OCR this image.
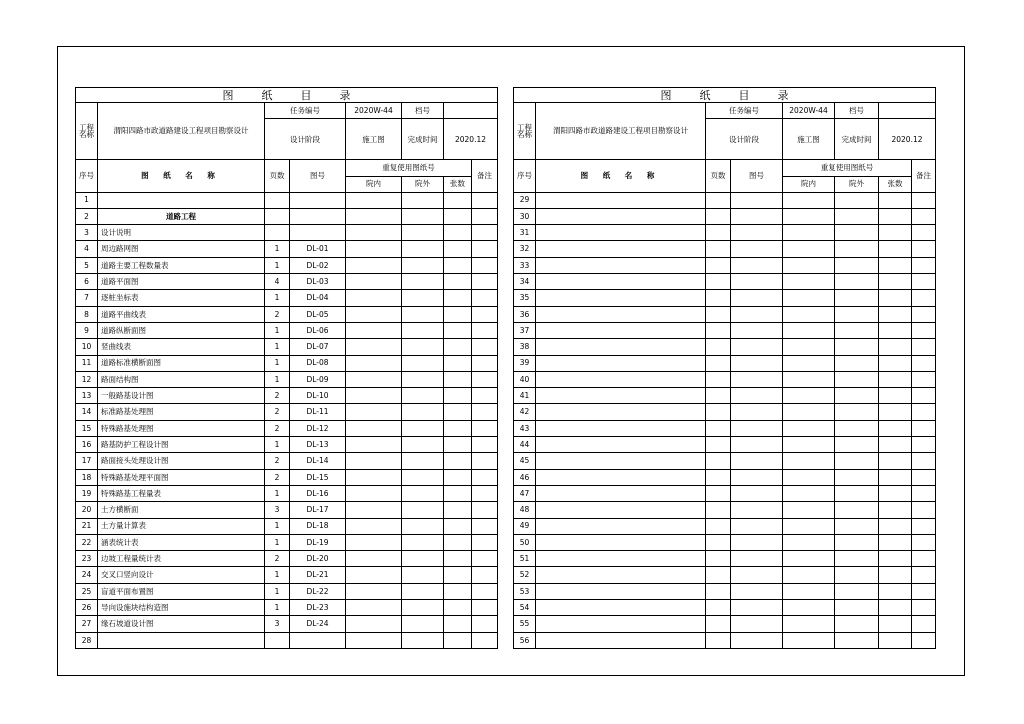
图 纸 目 录							
工程
名称	渭阳四路市政道路建设工程项目勘察设计	任务编号		2020W-44	档号		
		设计阶段		施工图	完成时间	2020.12	
序号	图 纸 名 称	页数	图号	重复使用图纸号			备注
				院内	院外	张数	
1							
2	道路工程						
3	设计说明						
4	周边路网图	1	DL-01				
5	道路主要工程数量表	1	DL-02				
6	道路平面图	4	DL-03				
7	逐桩坐标表	1	DL-04				
8	道路平曲线表	2	DL-05				
9	道路纵断面图	1	DL-06				
10	竖曲线表	1	DL-07				
11	道路标准横断面图	1	DL-08				
12	路面结构图	1	DL-09				
13	一般路基设计图	2	DL-10				
14	标准路基处理图	2	DL-11				
15	特殊路基处理图	2	DL-12				
16	路基防护工程设计图	1	DL-13				
17	路面接头处理设计图	2	DL-14				
18	特殊路基处理平面图	2	DL-15				
19	特殊路基工程量表	1	DL-16				
20	土方横断面	3	DL-17				
21	土方量计算表	1	DL-18				
22	涵表统计表	1	DL-19				
23	边坡工程量统计表	2	DL-20				
24	交叉口竖向设计	1	DL-21				
25	盲道平面布置图	1	DL-22				
26	导向设施块结构造图	1	DL-23				
27	缘石坡道设计图	3	DL-24				
28							
图 纸 目 录							
工程
名称	渭阳四路市政道路建设工程项目勘察设计	任务编号		2020W-44	档号		
		设计阶段		施工图	完成时间	2020.12	
序号	图 纸 名 称	页数	图号	重复使用图纸号			备注
				院内	院外	张数	
29							
30							
31							
32							
33							
34							
35							
36							
37							
38							
39							
40							
41							
42							
43							
44							
45							
46							
47							
48							
49							
50							
51							
52							
53							
54							
55							
56							
